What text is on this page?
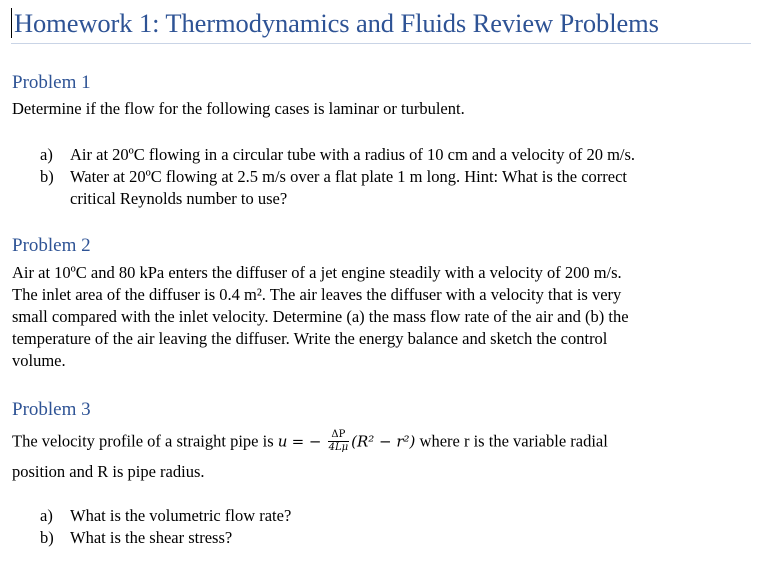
Homework 1: Thermodynamics and Fluids Review Problems
Problem 1
Determine if the flow for the following cases is laminar or turbulent.
a) Air at 20ºC flowing in a circular tube with a radius of 10 cm and a velocity of 20 m/s.
b) Water at 20ºC flowing at 2.5 m/s over a flat plate 1 m long. Hint: What is the correct
critical Reynolds number to use?
Problem 2
Air at 10ºC and 80 kPa enters the diffuser of a jet engine steadily with a velocity of 200 m/s.
The inlet area of the diffuser is 0.4 m². The air leaves the diffuser with a velocity that is very
small compared with the inlet velocity. Determine (a) the mass flow rate of the air and (b) the
temperature of the air leaving the diffuser. Write the energy balance and sketch the control
volume.
Problem 3
The velocity profile of a straight pipe is u = − $\frac{\Delta P}{4L\mu} (R^2 - r^2)$ where r is the variable radial
position and R is pipe radius.
a) What is the volumetric flow rate?
b) What is the shear stress?
